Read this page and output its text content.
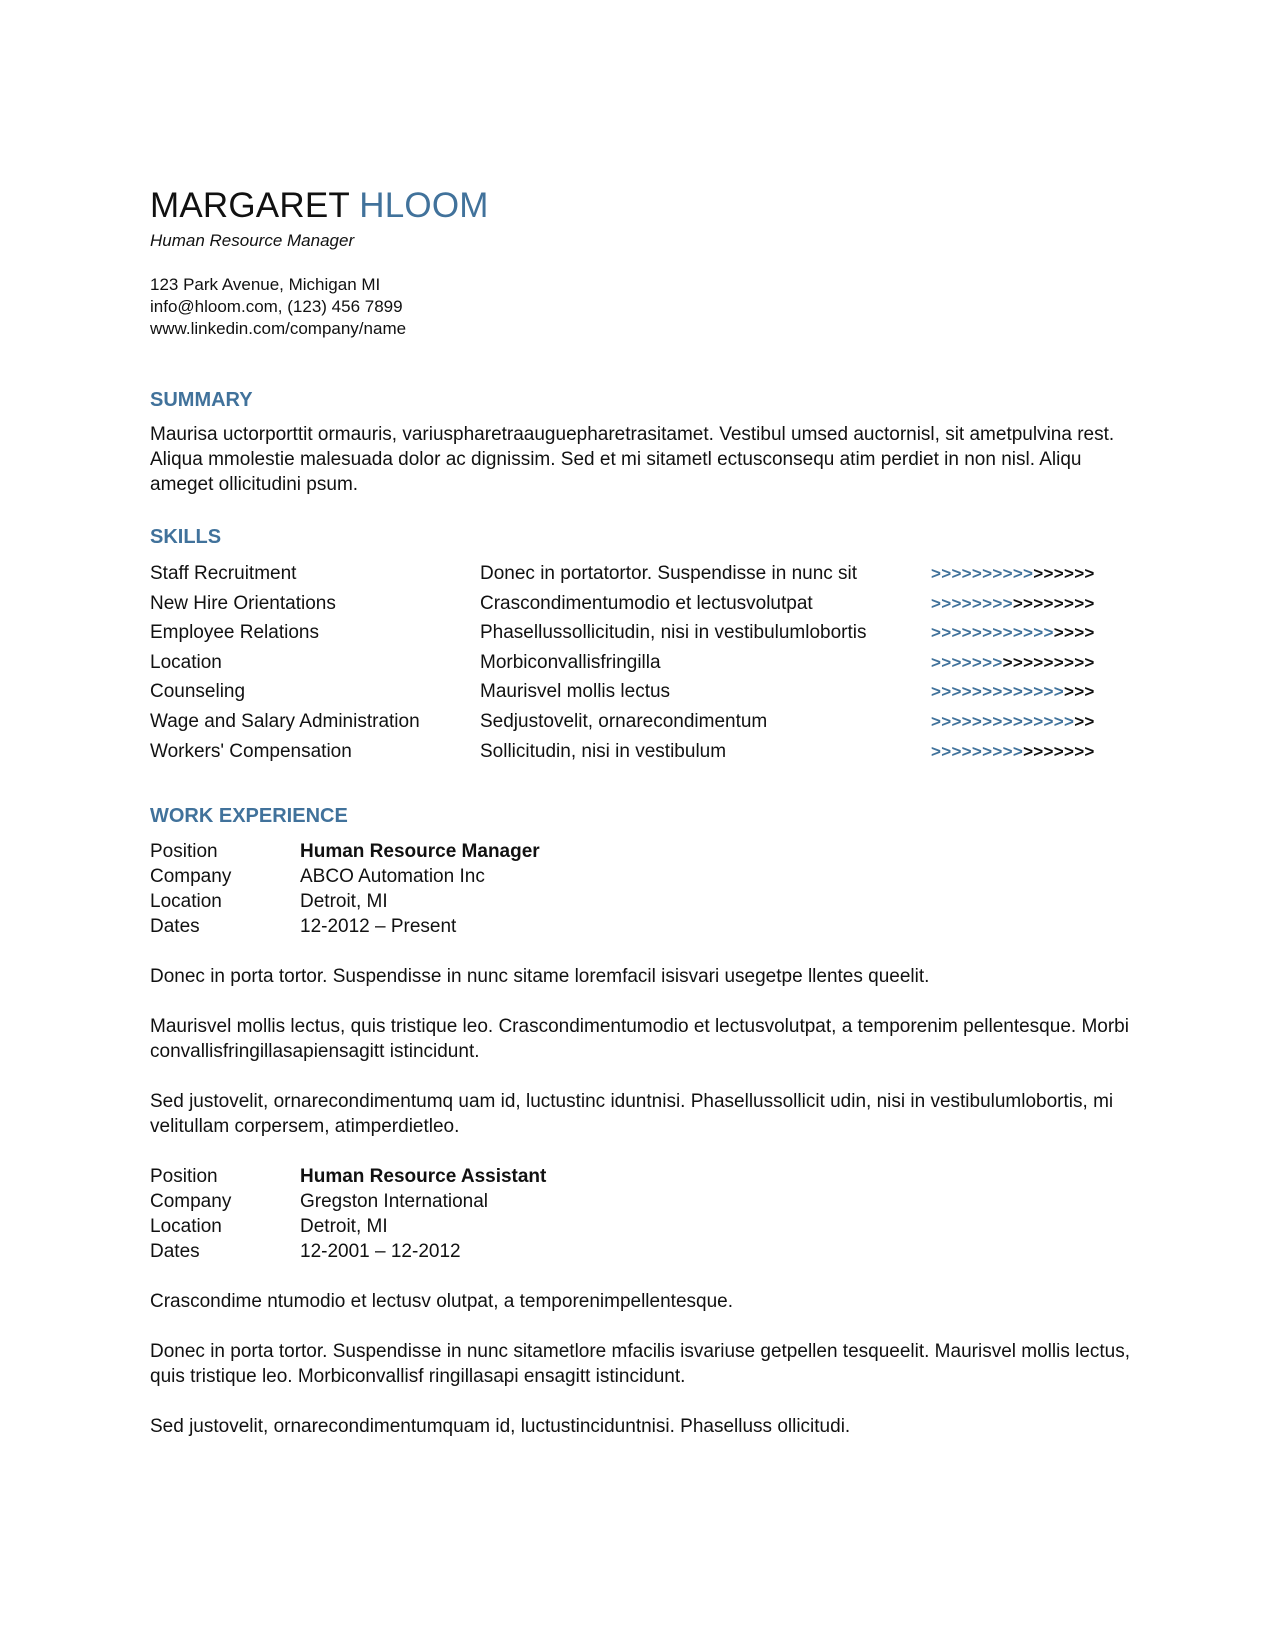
MARGARET HLOOM
Human Resource Manager
123 Park Avenue, Michigan MI
info@hloom.com, (123) 456 7899
www.linkedin.com/company/name
SUMMARY
Maurisa uctorporttit ormauris, variuspharetraauguepharetrasitamet. Vestibul umsed auctornisl, sit ametpulvina rest. Aliqua mmolestie malesuada dolor ac dignissim. Sed et mi sitametl ectusconsequ atim perdiet in non nisl. Aliqu ameget ollicitudini psum.
SKILLS
Staff Recruitment	Donec in portatortor. Suspendisse in nunc sit	>>>>>>>>>>>>>>>>
New Hire Orientations	Crascondimentumodio et lectusvolutpat	>>>>>>>>>>>>>>>>
Employee Relations	Phasellussollicitudin, nisi in vestibulumlobortis	>>>>>>>>>>>>>>>>
Location	Morbiconvallisfringilla	>>>>>>>>>>>>>>>>
Counseling	Maurisvel mollis lectus	>>>>>>>>>>>>>>>>
Wage and Salary Administration	Sedjustovelit, ornarecondimentum	>>>>>>>>>>>>>>>>
Workers' Compensation	Sollicitudin, nisi in vestibulum	>>>>>>>>>>>>>>>>
WORK EXPERIENCE
Position	Human Resource Manager
Company	ABCO Automation Inc
Location	Detroit, MI
Dates	12-2012 – Present

Donec in porta tortor. Suspendisse in nunc sitame loremfacil isisvari usegetpe llentes queelit.

Maurisvel mollis lectus, quis tristique leo. Crascondimentumodio et lectusvolutpat, a temporenim pellentesque. Morbi convallisfringillasapiensagitt istincidunt.

Sed justovelit, ornarecondimentumq uam id, luctustinc iduntnisi. Phasellussollicit udin, nisi in vestibulumlobortis, mi velitullam corpersem, atimperdietleo.

Position	Human Resource Assistant
Company	Gregston International
Location	Detroit, MI
Dates	12-2001 – 12-2012

Crascondime ntumodio et lectusv olutpat, a temporenimpellentesque.

Donec in porta tortor. Suspendisse in nunc sitametlore mfacilis isvariuse getpellen tesqueelit. Maurisvel mollis lectus, quis tristique leo. Morbiconvallisf ringillasapi ensagitt istincidunt.

Sed justovelit, ornarecondimentumquam id, luctustinciduntnisi. Phaselluss ollicitudi.
